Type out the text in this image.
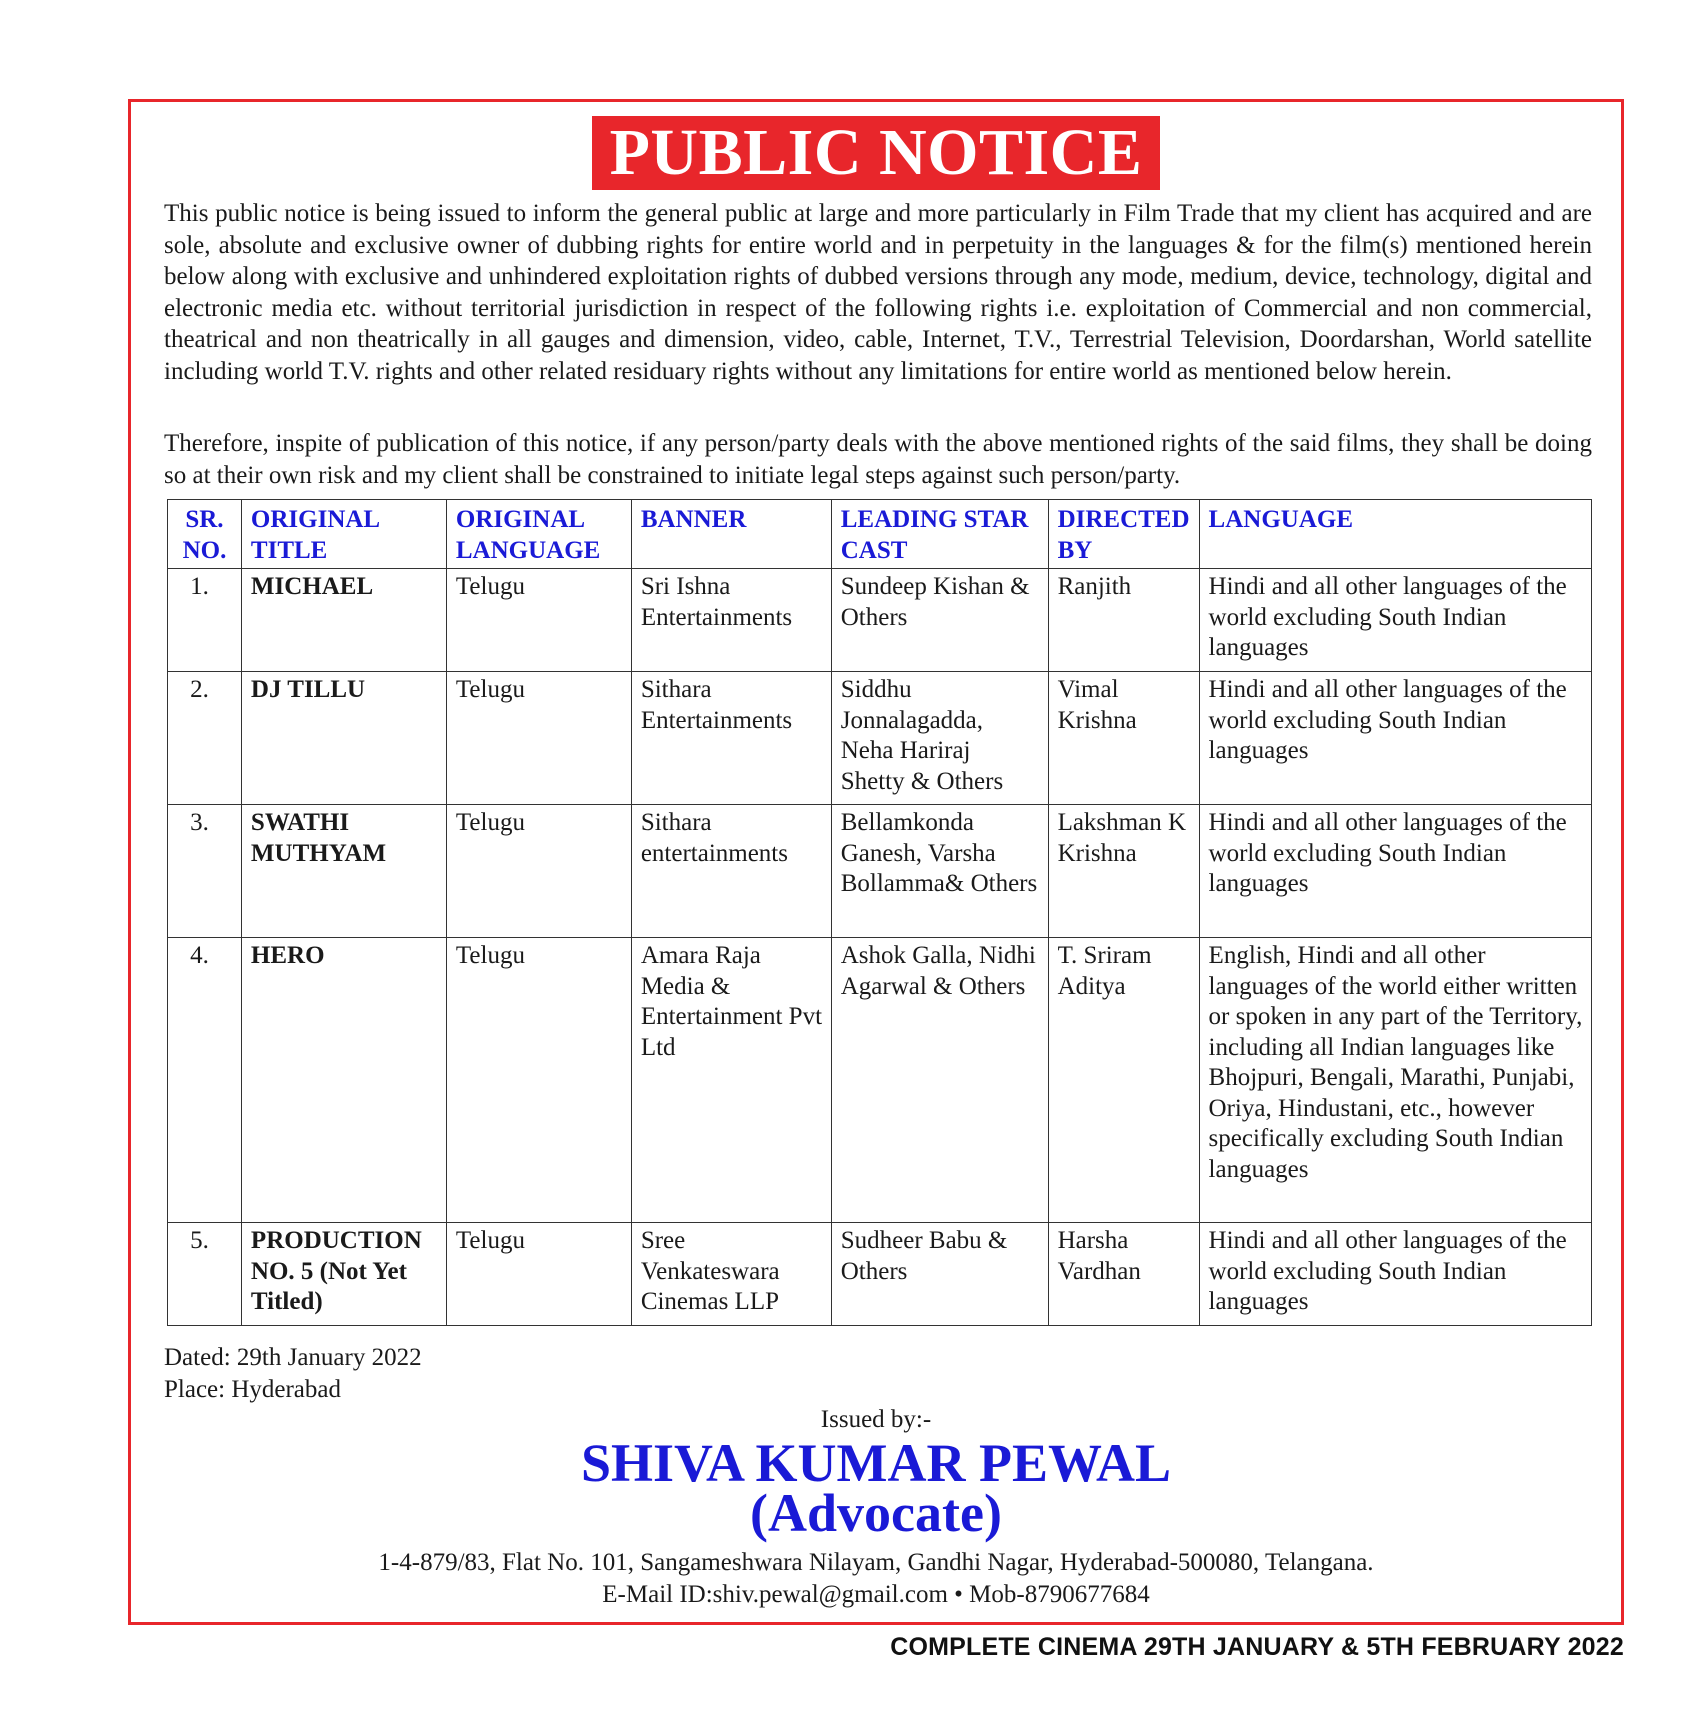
PUBLIC NOTICE

This public notice is being issued to inform the general public at large and more particularly in Film Trade that my client has acquired and are sole, absolute and exclusive owner of dubbing rights for entire world and in perpetuity in the languages & for the film(s) mentioned herein below along with exclusive and unhindered exploitation rights of dubbed versions through any mode, medium, device, technology, digital and electronic media etc. without territorial jurisdiction in respect of the following rights i.e. exploitation of Commercial and non commercial, theatrical and non theatrically in all gauges and dimension, video, cable, Internet, T.V., Terrestrial Television, Doordarshan, World satellite including world T.V. rights and other related residuary rights without any limitations for entire world as mentioned below herein.

Therefore, inspite of publication of this notice, if any person/party deals with the above mentioned rights of the said films, they shall be doing so at their own risk and my client shall be constrained to initiate legal steps against such person/party.

SR. NO.	ORIGINAL TITLE	ORIGINAL LANGUAGE	BANNER	LEADING STAR CAST	DIRECTED BY	LANGUAGE
1.	MICHAEL	Telugu	Sri Ishna Entertainments	Sundeep Kishan & Others	Ranjith	Hindi and all other languages of the world excluding South Indian languages
2.	DJ TILLU	Telugu	Sithara Entertainments	Siddhu Jonnalagadda, Neha Hariraj Shetty & Others	Vimal Krishna	Hindi and all other languages of the world excluding South Indian languages
3.	SWATHI MUTHYAM	Telugu	Sithara entertainments	Bellamkonda Ganesh, Varsha Bollamma& Others	Lakshman K Krishna	Hindi and all other languages of the world excluding South Indian languages
4.	HERO	Telugu	Amara Raja Media & Entertainment Pvt Ltd	Ashok Galla, Nidhi Agarwal & Others	T. Sriram Aditya	English, Hindi and all other languages of the world either written or spoken in any part of the Territory, including all Indian languages like Bhojpuri, Bengali, Marathi, Punjabi, Oriya, Hindustani, etc., however specifically excluding South Indian languages
5.	PRODUCTION NO. 5 (Not Yet Titled)	Telugu	Sree Venkateswara Cinemas LLP	Sudheer Babu & Others	Harsha Vardhan	Hindi and all other languages of the world excluding South Indian languages
Dated: 29th January 2022
Place: Hyderabad
Issued by:-
SHIVA KUMAR PEWAL
(Advocate)
1-4-879/83, Flat No. 101, Sangameshwara Nilayam, Gandhi Nagar, Hyderabad-500080, Telangana.
E-Mail ID:shiv.pewal@gmail.com • Mob-8790677684
COMPLETE CINEMA 29TH JANUARY & 5TH FEBRUARY 2022
